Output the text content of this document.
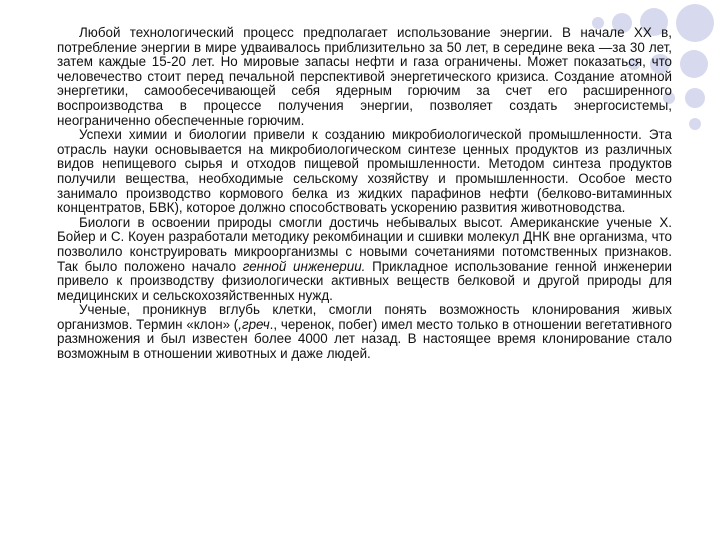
Любой технологический процесс предполагает использование энергии. В начале XX в, потребление энергии в мире удваивалось приблизительно за 50 лет, в середине века —за 30 лет, затем каждые 15-20 лет. Но мировые запасы нефти и газа ограничены. Может показаться, что человечество стоит перед печальной перспективой энергетического кризиса. Создание атомной энергетики, самообесечивающей себя ядерным горючим за счет его расширенного воспроизводства в процессе получения энергии, позволяет создать энергосистемы, неограниченно обеспеченные горючим.

Успехи химии и биологии привели к созданию микробиологической промышленности. Эта отрасль науки основывается на микробиологическом синтезе ценных продуктов из различных видов непищевого сырья и отходов пищевой промышленности. Методом синтеза продуктов получили вещества, необходимые сельскому хозяйству и промышленности. Особое место занимало производство кормового белка из жидких парафинов нефти (белково-витаминных концентратов, БВК), которое должно способствовать ускорению развития животноводства.

Биологи в освоении природы смогли достичь небывалых высот. Американские ученые X. Бойер и С. Коуен разработали методику рекомбинации и сшивки молекул ДНК вне организма, что позволило конструировать микроорганизмы с новыми сочетаниями потомственных признаков. Так было положено начало генной инженерии. Прикладное использование генной инженерии привело к производству физиологически активных веществ белковой и другой природы для медицинских и сельскохозяйственных нужд.

Ученые, проникнув вглубь клетки, смогли понять возможность клонирования живых организмов. Термин «клон» (,греч., черенок, побег) имел место только в отношении вегетативного размножения и был известен более 4000 лет назад. В настоящее время клонирование стало возможным в отношении животных и даже людей.
